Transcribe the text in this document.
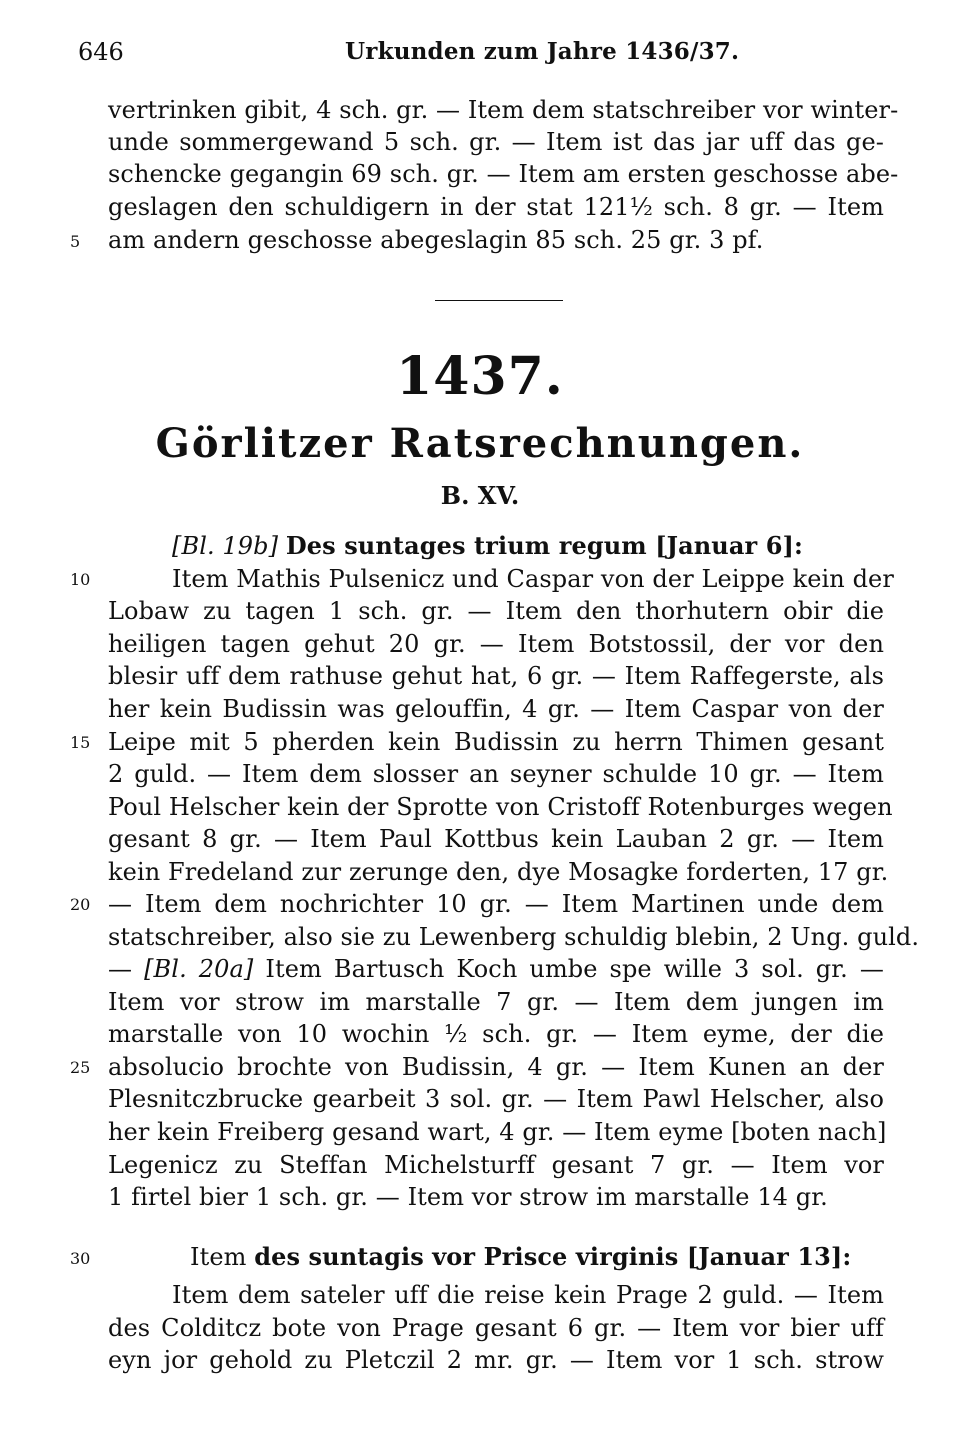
646	Urkunden zum Jahre 1436/37.
vertrinken gibit, 4 sch. gr. — Item dem statschreiber vor winter-
unde sommergewand 5 sch. gr. — Item ist das jar uff das ge-
schencke gegangin 69 sch. gr. — Item am ersten geschosse abe-
geslagen den schuldigern in der stat 121½ sch. 8 gr. — Item
am andern geschosse abegeslagin 85 sch. 25 gr. 3 pf.
5
1437.
Görlitzer Ratsrechnungen.
B. XV.
[Bl. 19b] Des suntages trium regum [Januar 6]:
Item Mathis Pulsenicz und Caspar von der Leippe kein der
10
Lobaw zu tagen 1 sch. gr. — Item den thorhutern obir die
heiligen tagen gehut 20 gr. — Item Botstossil, der vor den
blesir uff dem rathuse gehut hat, 6 gr. — Item Raffegerste, als
her kein Budissin was gelouffin, 4 gr. — Item Caspar von der
Leipe mit 5 pherden kein Budissin zu herrn Thimen gesant
15
2 guld. — Item dem slosser an seyner schulde 10 gr. — Item
Poul Helscher kein der Sprotte von Cristoff Rotenburges wegen
gesant 8 gr. — Item Paul Kottbus kein Lauban 2 gr. — Item
kein Fredeland zur zerunge den, dye Mosagke forderten, 17 gr.
— Item dem nochrichter 10 gr. — Item Martinen unde dem
20
statschreiber, also sie zu Lewenberg schuldig blebin, 2 Ung. guld.
— [Bl. 20a] Item Bartusch Koch umbe spe wille 3 sol. gr. —
Item vor strow im marstalle 7 gr. — Item dem jungen im
marstalle von 10 wochin ½ sch. gr. — Item eyme, der die
absolucio brochte von Budissin, 4 gr. — Item Kunen an der
25
Plesnitczbrucke gearbeit 3 sol. gr. — Item Pawl Helscher, also
her kein Freiberg gesand wart, 4 gr. — Item eyme [boten nach]
Legenicz zu Steffan Michelsturff gesant 7 gr. — Item vor
1 firtel bier 1 sch. gr. — Item vor strow im marstalle 14 gr.
Item des suntagis vor Prisce virginis [Januar 13]:
30
Item dem sateler uff die reise kein Prage 2 guld. — Item
des Colditcz bote von Prage gesant 6 gr. — Item vor bier uff
eyn jor gehold zu Pletczil 2 mr. gr. — Item vor 1 sch. strow
